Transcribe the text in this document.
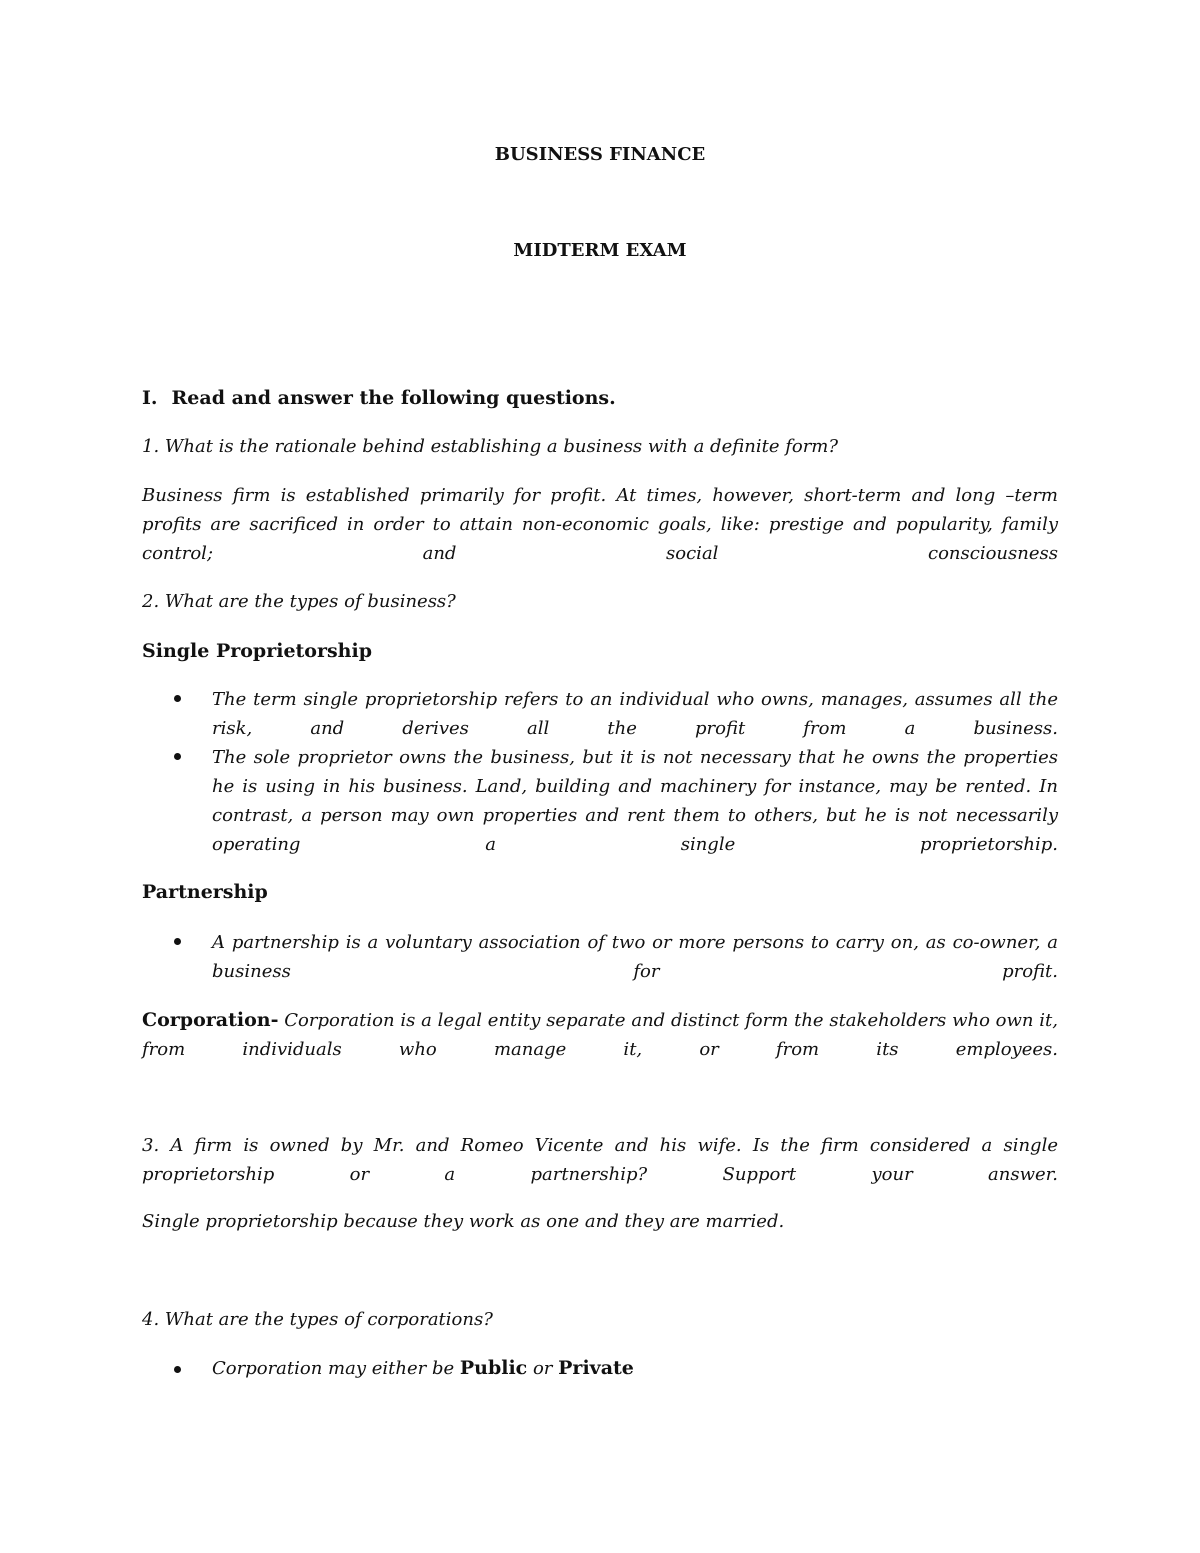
BUSINESS FINANCE
MIDTERM EXAM
I. Read and answer the following questions.
1. What is the rationale behind establishing a business with a definite form?
Business firm is established primarily for profit. At times, however, short-term and long –term profits are sacrificed in order to attain non-economic goals, like: prestige and popularity, family control; and social consciousness
2. What are the types of business?
Single Proprietorship
The term single proprietorship refers to an individual who owns, manages, assumes all the risk, and derives all the profit from a business.
The sole proprietor owns the business, but it is not necessary that he owns the properties he is using in his business. Land, building and machinery for instance, may be rented. In contrast, a person may own properties and rent them to others, but he is not necessarily operating a single proprietorship.
Partnership
A partnership is a voluntary association of two or more persons to carry on, as co-owner, a business for profit.
Corporation- Corporation is a legal entity separate and distinct form the stakeholders who own it, from individuals who manage it, or from its employees.
3. A firm is owned by Mr. and Romeo Vicente and his wife. Is the firm considered a single proprietorship or a partnership? Support your answer.
Single proprietorship because they work as one and they are married.
4. What are the types of corporations?
Corporation may either be Public or Private
